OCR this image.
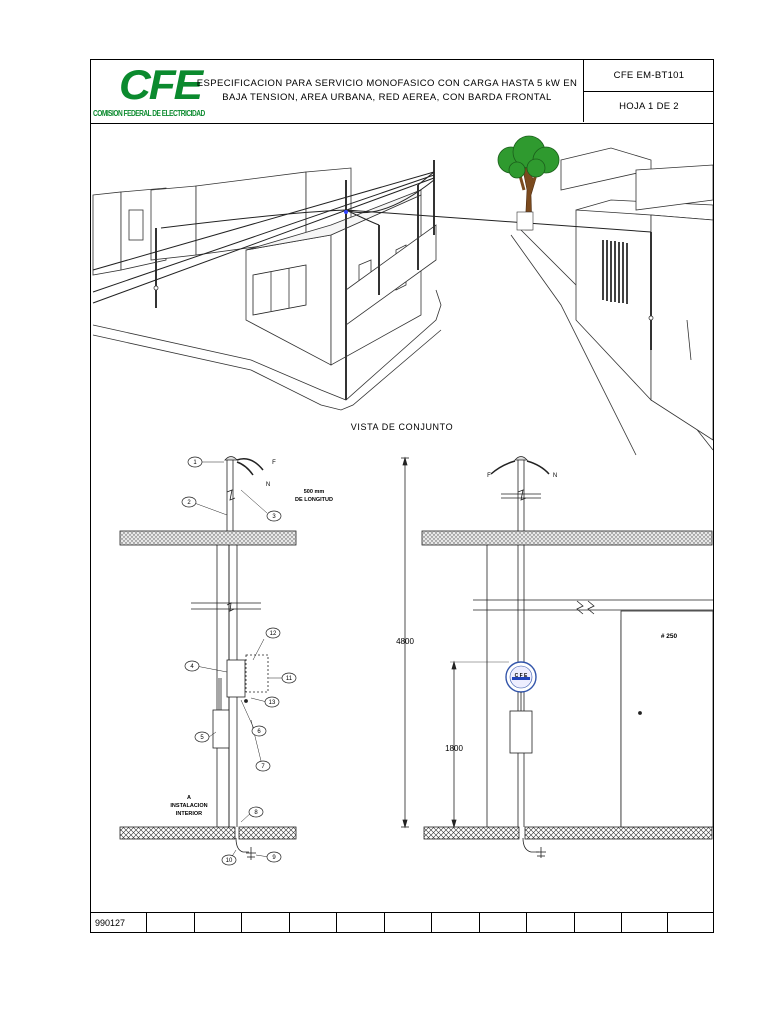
CFE
COMISION FEDERAL DE ELECTRICIDAD
ESPECIFICACION PARA SERVICIO MONOFASICO CON CARGA HASTA 5 kW EN
BAJA TENSION, AREA URBANA, RED AEREA, CON BARDA FRONTAL
CFE EM-BT101
HOJA 1 DE 2
1
2
3
4
5
6
7
8
9
10
11
12
13
F
N
500 mm
DE LONGITUD
A
INSTALACION
INTERIOR
F	N
# 250
C F E
4800
1800
VISTA DE CONJUNTO
990127
